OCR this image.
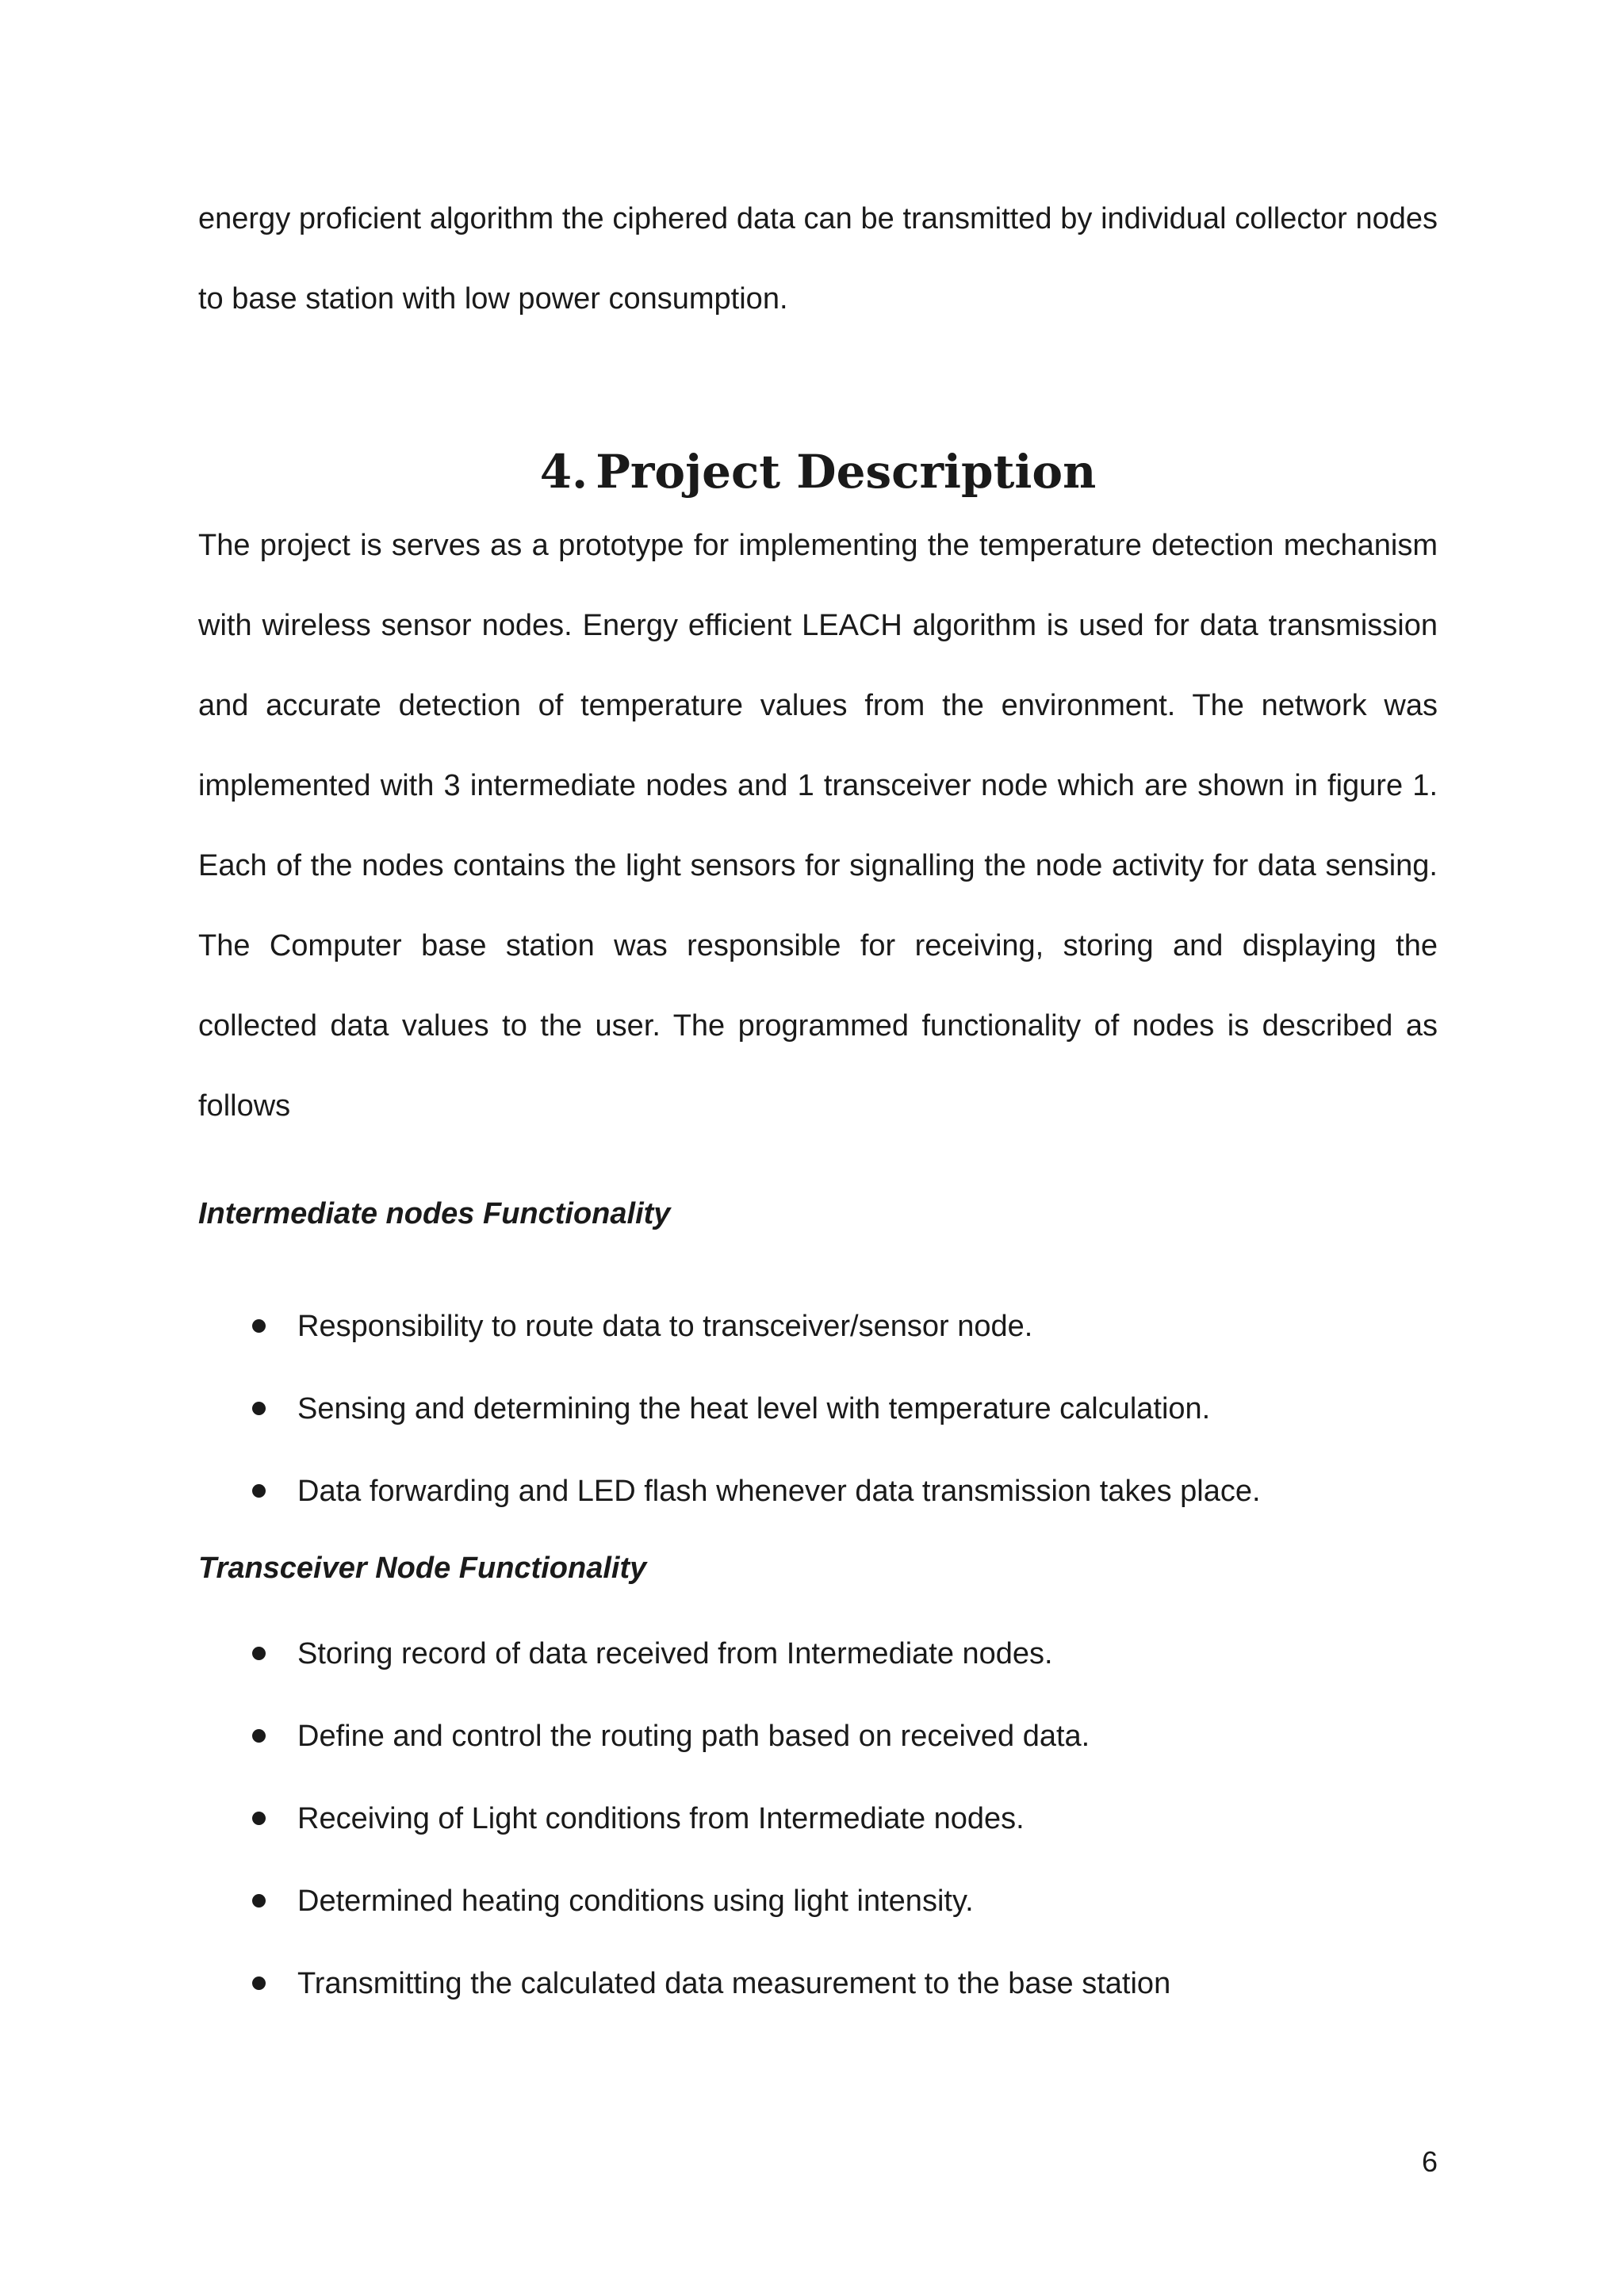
energy proficient algorithm the ciphered data can be transmitted by individual collector nodes to base station with low power consumption.

4. Project Description

The project is serves as a prototype for implementing the temperature detection mechanism with wireless sensor nodes. Energy efficient LEACH algorithm is used for data transmission and accurate detection of temperature values from the environment. The network was implemented with 3 intermediate nodes and 1 transceiver node which are shown in figure 1. Each of the nodes contains the light sensors for signalling the node activity for data sensing. The Computer base station was responsible for receiving, storing and displaying the collected data values to the user. The programmed functionality of nodes is described as follows

Intermediate nodes Functionality

Responsibility to route data to transceiver/sensor node.
Sensing and determining the heat level with temperature calculation.
Data forwarding and LED flash whenever data transmission takes place.

Transceiver Node Functionality

Storing record of data received from Intermediate nodes.
Define and control the routing path based on received data.
Receiving of Light conditions from Intermediate nodes.
Determined heating conditions using light intensity.
Transmitting the calculated data measurement to the base station

6
